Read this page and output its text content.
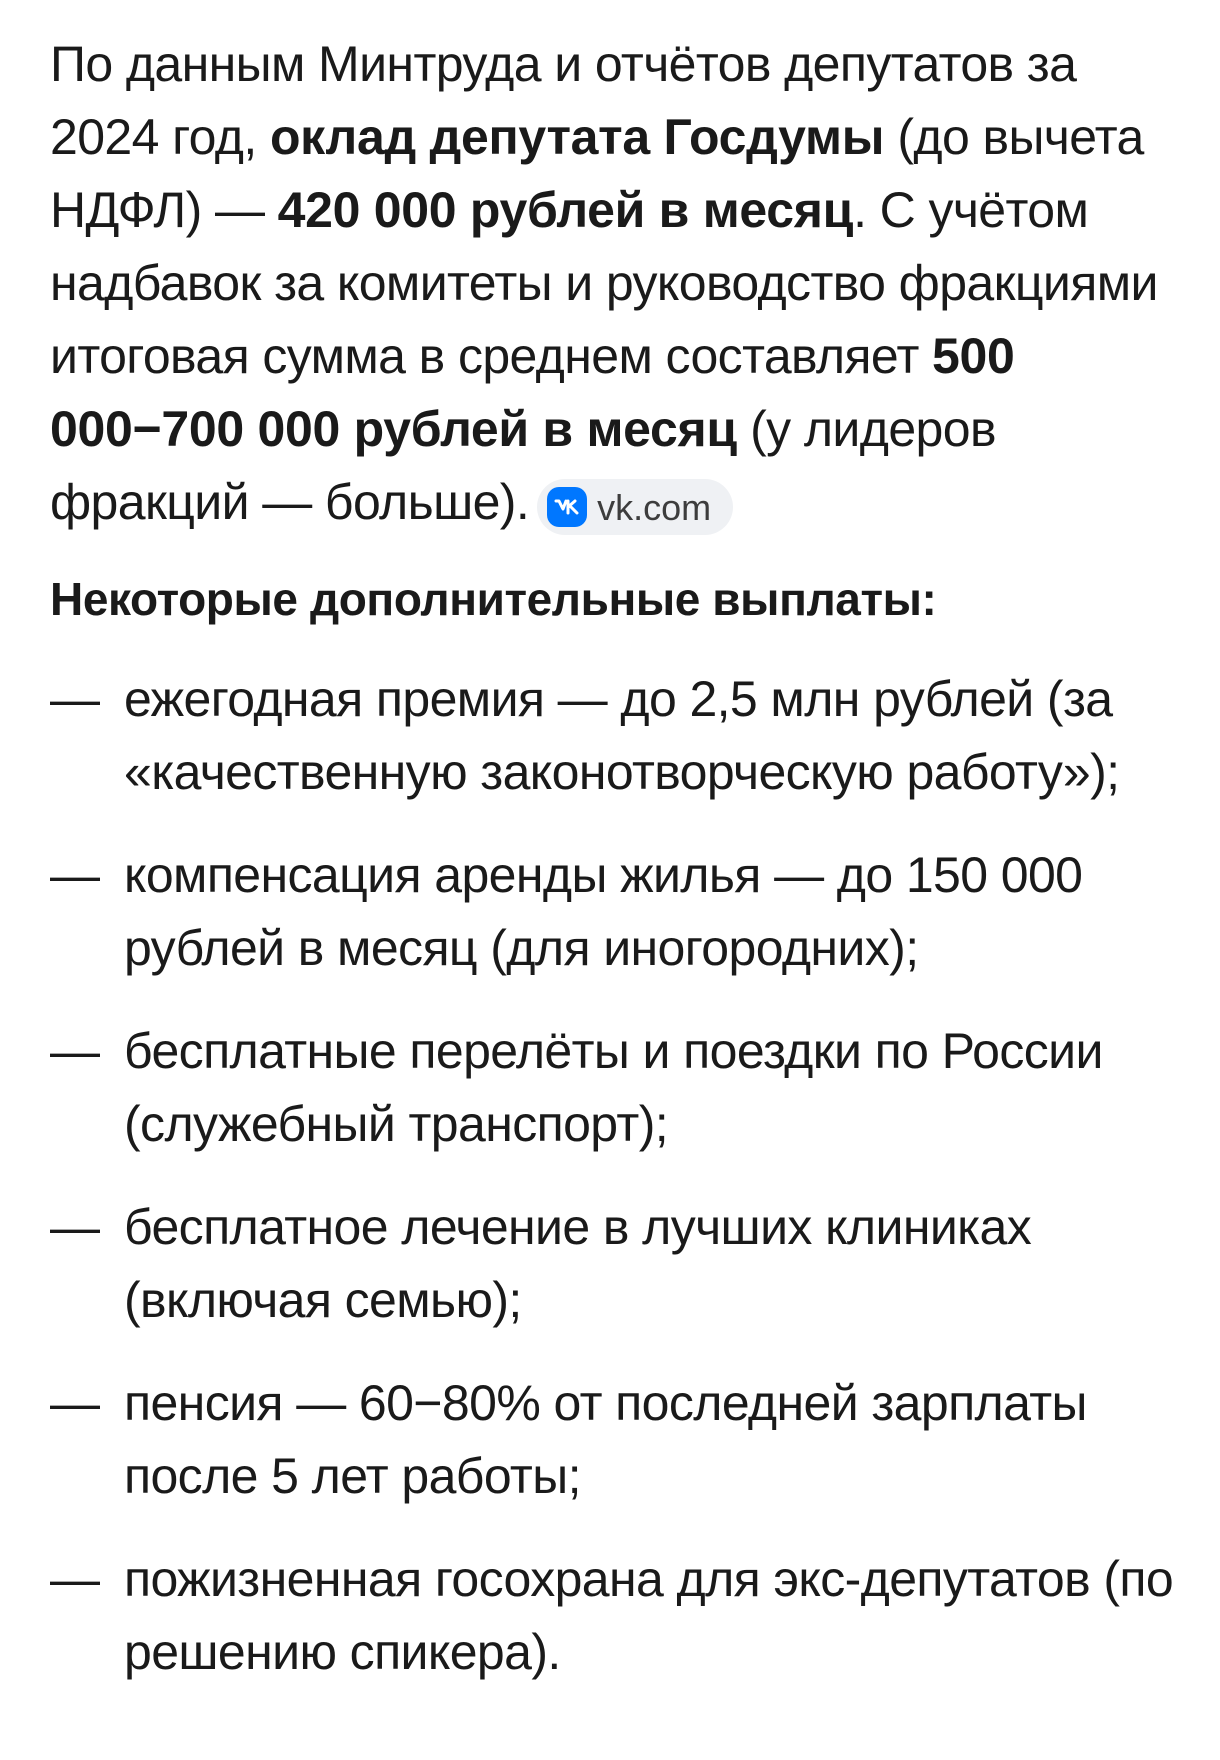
По данным Минтруда и отчётов депутатов за 2024 год, оклад депутата Госдумы (до вычета НДФЛ) — 420 000 рублей в месяц. С учётом надбавок за комитеты и руководство фракциями итоговая сумма в среднем составляет 500 000−700 000 рублей в месяц (у лидеров фракций — больше). vk.com

Некоторые дополнительные выплаты:
— ежегодная премия — до 2,5 млн рублей (за «качественную законотворческую работу»);
— компенсация аренды жилья — до 150 000 рублей в месяц (для иногородних);
— бесплатные перелёты и поездки по России (служебный транспорт);
— бесплатное лечение в лучших клиниках (включая семью);
— пенсия — 60−80% от последней зарплаты после 5 лет работы;
— пожизненная госохрана для экс-депутатов (по решению спикера).
